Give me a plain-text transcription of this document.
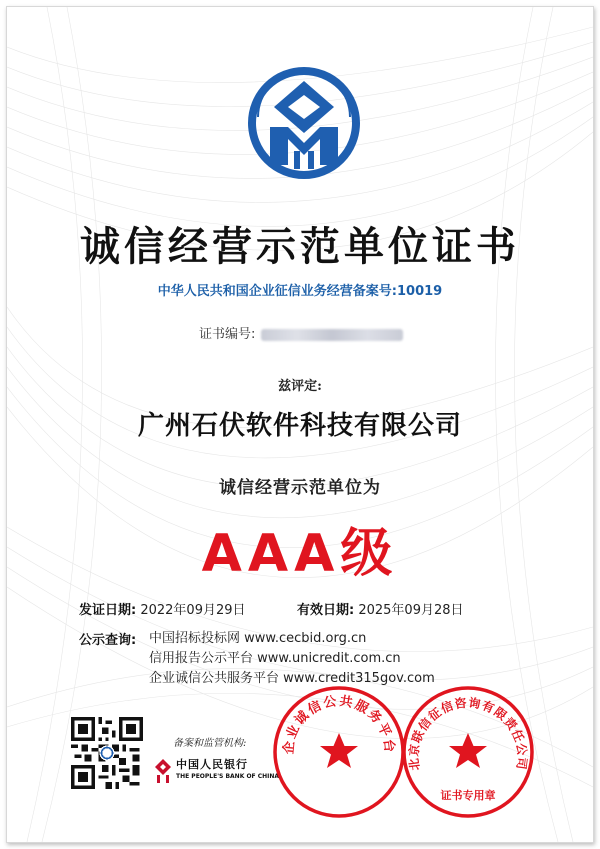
诚信经营示范单位证书
中华人民共和国企业征信业务经营备案号:10019
证书编号:
兹评定:
广州石伏软件科技有限公司
诚信经营示范单位为
AAA级
发证日期: 2022年09月29日	有效日期: 2025年09月28日
公示查询: 中国招标投标网 www.cecbid.org.cn
信用报告公示平台 www.unicredit.com.cn
企业诚信公共服务平台 www.credit315gov.com
备案和监管机构:
中国人民银行
THE PEOPLE'S BANK OF CHINA
企业诚信公共服务平台
北京联信征信咨询有限责任公司
证书专用章
